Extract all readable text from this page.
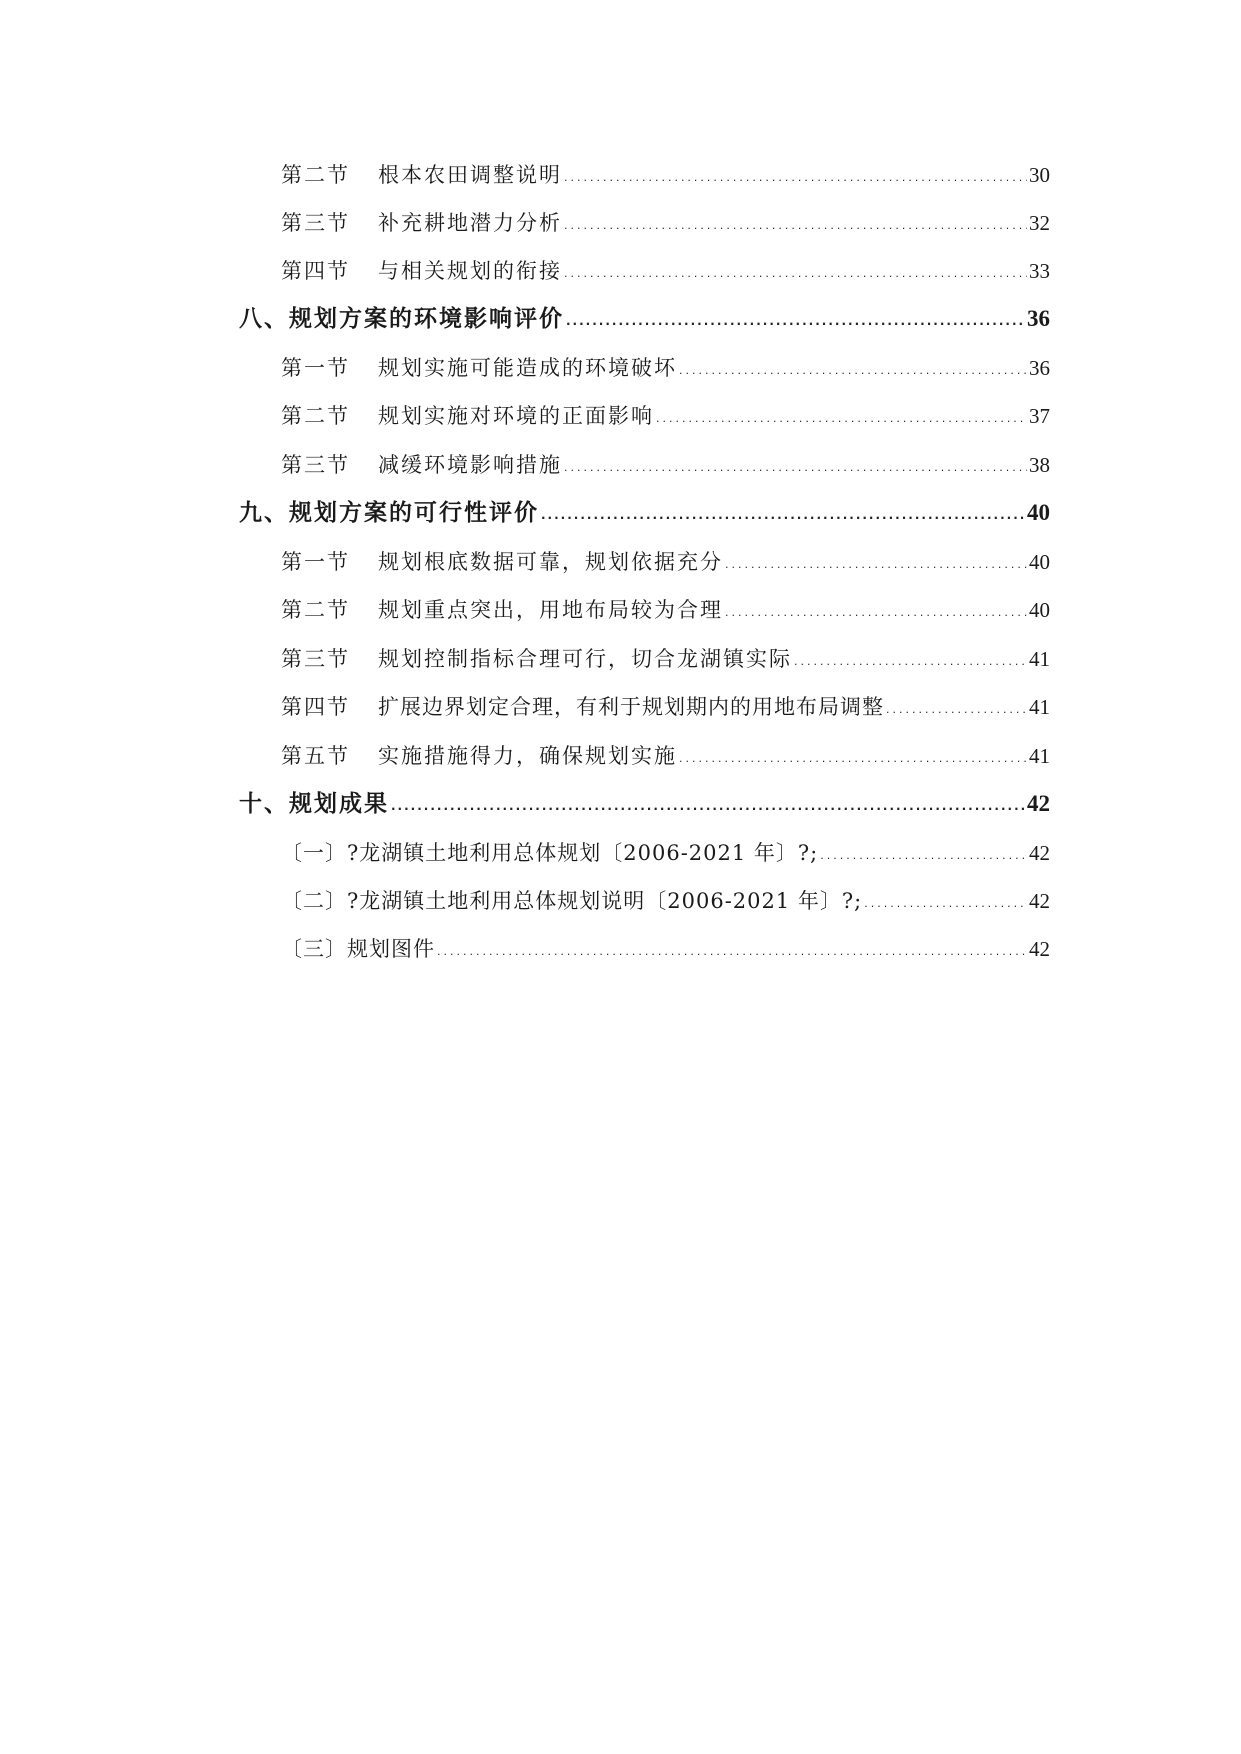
第二节 根本农田调整说明 .....	30
第三节 补充耕地潜力分析 .....	32
第四节 与相关规划的衔接 .....	33
八、规划方案的环境影响评价 .....	36
第一节 规划实施可能造成的环境破坏 .....	36
第二节 规划实施对环境的正面影响 .....	37
第三节 减缓环境影响措施 .....	38
九、规划方案的可行性评价 .....	40
第一节 规划根底数据可靠，规划依据充分 .....	40
第二节 规划重点突出，用地布局较为合理 .....	40
第三节 规划控制指标合理可行，切合龙湖镇实际 .....	41
第四节 扩展边界划定合理，有利于规划期内的用地布局调整 .....	41
第五节 实施措施得力，确保规划实施 .....	41
十、规划成果 .....	42
〔一〕?龙湖镇土地利用总体规划〔2006-2021 年〕?; .....	42
〔二〕?龙湖镇土地利用总体规划说明〔2006-2021 年〕?; .....	42
〔三〕规划图件 .....	42
